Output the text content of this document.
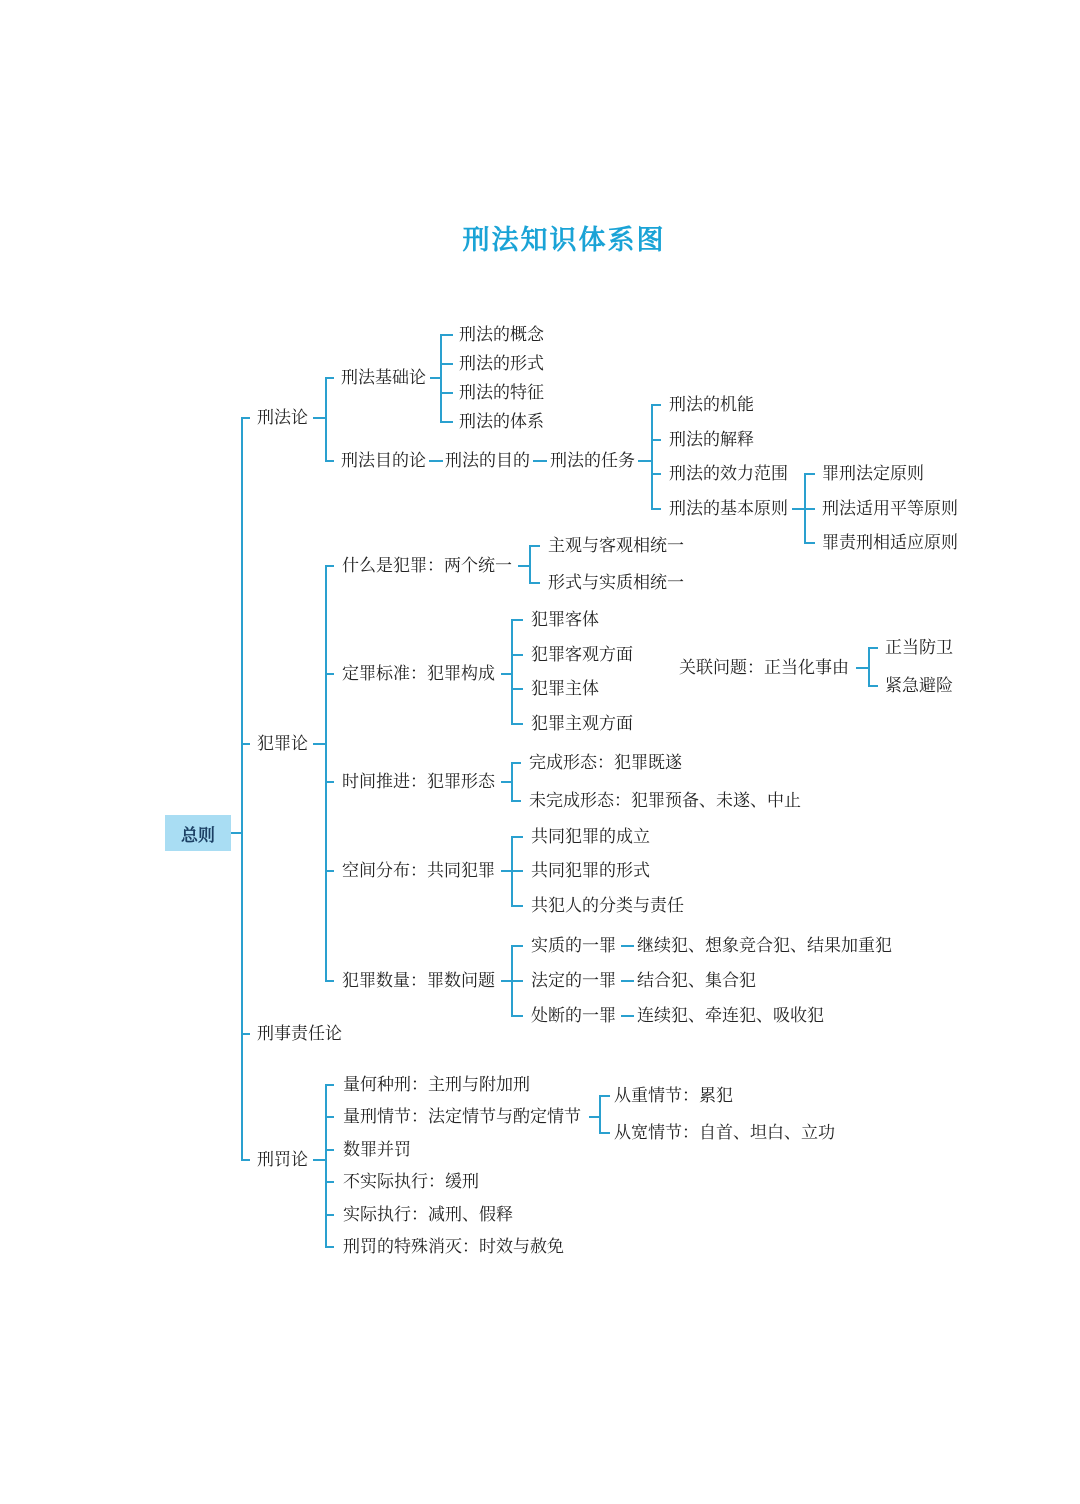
刑法知识体系图
总则
刑法论
刑法基础论
刑法的概念
刑法的形式
刑法的特征
刑法的体系
刑法目的论 刑法的目的 刑法的任务
刑法的机能
刑法的解释
刑法的效力范围
刑法的基本原则
罪刑法定原则
刑法适用平等原则
罪责刑相适应原则
犯罪论
什么是犯罪：两个统一
主观与客观相统一
形式与实质相统一
定罪标准：犯罪构成
犯罪客体
犯罪客观方面
犯罪主体
犯罪主观方面
关联问题：正当化事由
正当防卫
紧急避险
时间推进：犯罪形态
完成形态：犯罪既遂
未完成形态：犯罪预备、未遂、中止
空间分布：共同犯罪
共同犯罪的成立
共同犯罪的形式
共犯人的分类与责任
犯罪数量：罪数问题
实质的一罪 继续犯、想象竞合犯、结果加重犯
法定的一罪 结合犯、集合犯
处断的一罪 连续犯、牵连犯、吸收犯
刑事责任论
刑罚论
量何种刑：主刑与附加刑
量刑情节：法定情节与酌定情节
从重情节：累犯
从宽情节：自首、坦白、立功
数罪并罚
不实际执行：缓刑
实际执行：减刑、假释
刑罚的特殊消灭：时效与赦免
